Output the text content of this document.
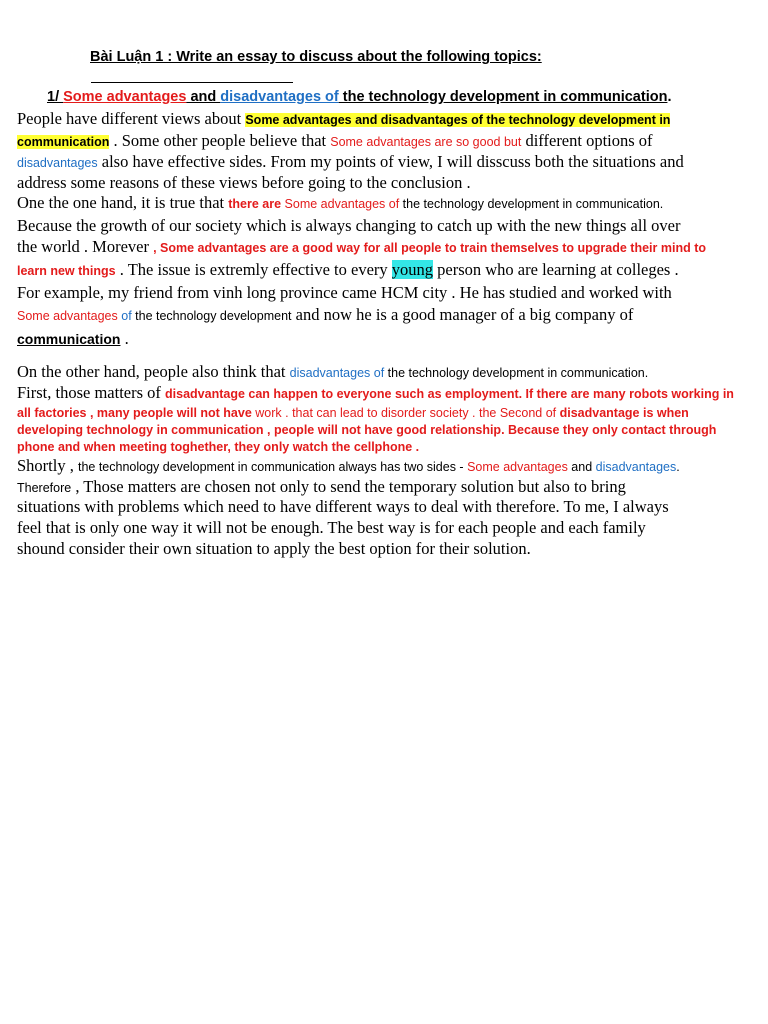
Bài Luận 1 : Write an essay to discuss about the following topics:
1/ Some advantages and disadvantages of the technology development in communication.
People have different views about Some advantages and disadvantages of the technology development in
communication . Some other people believe that Some advantages are so good but different options of
disadvantages also have effective sides. From my points of view, I will disscuss both the situations and
address some reasons of these views before going to the conclusion .
One the one hand, it is true that there are Some advantages of the technology development in communication.
Because the growth of our society which is always changing to catch up with the new things all over
the world . Morever , Some advantages are a good way for all people to train themselves to upgrade their mind to
learn new things . The issue is extremly effective to every young person who are learning at colleges .
For example, my friend from vinh long province came HCM city . He has studied and worked with
Some advantages of the technology development and now he is a good manager of a big company of
communication .
On the other hand, people also think that disadvantages of the technology development in communication.
First, those matters of disadvantage can happen to everyone such as employment. If there are many robots working in
all factories , many people will not have work . that can lead to disorder society . the Second of disadvantage is when
developing technology in communication , people will not have good relationship. Because they only contact through
phone and when meeting toghether, they only watch the cellphone .
Shortly , the technology development in communication always has two sides - Some advantages and disadvantages.
Therefore , Those matters are chosen not only to send the temporary solution but also to bring
situations with problems which need to have different ways to deal with therefore. To me, I always
feel that is only one way it will not be enough. The best way is for each people and each family
shound consider their own situation to apply the best option for their solution.
